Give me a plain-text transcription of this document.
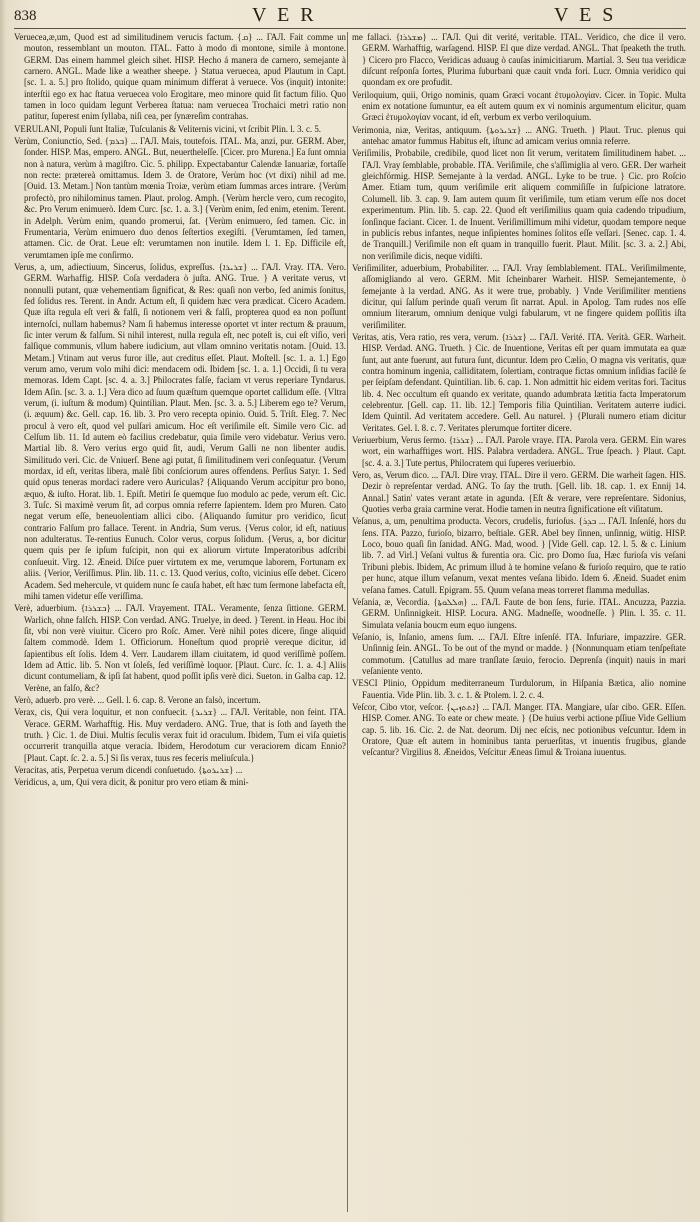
838	V E R	V E S

Veruecea,æ,um, Quod est ad similitudinem verucis factum. {ܩ} ... ГАЛ. Fait comme un mouton, ressemblant un mouton. ITAL. Fatto à modo di montone, simile à montone. GERM. Das einem hammel gleich sihet. HISP. Hecho á manera de carnero, semejante à carnero. ANGL. Made like a weather sheepe. } Statua veruecea, apud Plautum in Capt. [sc. 1. a. 5.] pro ſtolido, quique quam minimum differat à veruece. Vos (inquit) intonite: interſtii ego ex hac ſtatua veruecea volo Erogitare, meo minore quid ſit factum filio. Quo tamen in loco quidam legunt Verberea ſtatua: nam veruecea Trochaici metri ratio non patitur, ſuperest enim ſyllaba, niſi cea, per ſynæreſim contrahas.

VERULANI, Populi ſunt Italiæ, Tuſculanis & Veliternis vicini, vt ſcribit Plin. l. 3. c. 5.

Verùm, Coniunctio, Sed. {ܒܪܡ} ... ГАЛ. Mais, toutefois. ITAL. Ma, anzi, pur. GERM. Aber, ſonder. HISP. Mas, empero. ANGL. But, neuertheleſſe. [Cicer. pro Murena.] Ea ſunt omnia non à natura, verùm à magiſtro. Cic. 5. philipp. Expectabantur Calendæ Ianuariæ, fortaſſe non recte: prætereà omittamus. Idem 3. de Oratore, Verùm hoc (vt dixi) nihil ad me. [Ouid. 13. Metam.] Non tantùm mœnia Troiæ, verùm etiam ſummas arces intrare. {Verùm profectò, pro nihilominus tamen. Plaut. prolog. Amph. {Verùm hercle vero, cum recogito, &c. Pro Verum enimuerò. Idem Curc. [sc. 1. a. 3.] {Verùm enim, ſed enim, etenim. Terent. in Adelph. Verùm enim, quando promerui, ſat. {Verùm enimuero, ſed tamen. Cic. in Frumentaria, Verùm enimuero duo denos ſeſtertios exegiſti. {Verumtamen, ſed tamen, attamen. Cic. de Orat. Leue eſt: verumtamen non inutile. Idem l. 1. Ep. Difficile eſt, verumtamen ipſe me conſirmo.

Verus, a, um, adiectiuum, Sincerus, ſolidus, expreſſus. {ܫܪܝܪܐ} ... ГАЛ. Vray. ITA. Vero. GERM. Warhaffig. HISP. Coſa verdadera ò juſta. ANG. True. } A veritate verus, vt nonnulli putant, quæ vehementiam ſignificat, & Res: quaſi non verbo, ſed animis ſonitus, ſed ſolidus res. Terent. in Andr. Actum eſt, ſi quidem hæc vera prædicat. Cicero Academ. Quæ iſta regula eſt veri & falſi, ſi notionem veri & falſi, propterea quod ea non poſſunt internoſci, nullam habemus? Nam ſi habemus interesse oportet vt inter rectum & prauum, ſic inter verum & falſum. Si nihil interest, nulla regula eſt, nec poteſt is, cui eſt viſio, veri falſique communis, vllum habere iudicium, aut vllam omnino veritatis notam. [Ouid. 13. Metam.] Vtinam aut verus furor ille, aut creditus eſſet. Plaut. Moſtell. [sc. 1. a. 1.] Ego verum amo, verum volo mihi dici: mendacem odi. Ibidem [sc. 1. a. 1.] Occidi, ſi tu vera memoras. Idem Capt. [sc. 4. a. 3.] Philocrates falſe, faciam vt verus reperiare Tyndarus. Idem Aſin. [sc. 3. a. 1.] Vera dico ad ſuum quæſtum quemque oportet callidum eſſe. {Vltra verum, (i. iuſtum & modum) Quintilian. Plaut. Men. [sc. 3. a. 5.] Liberem ego te? Verum, (i. æquum) &c. Gell. cap. 16. lib. 3. Pro vero recepta opinio. Ouid. 5. Triſt. Eleg. 7. Nec procul à vero eſt, quod vel pulſari amicum. Hoc eſt veriſimile eſt. Simile vero Cic. ad Celſum lib. 11. Id autem eò facilius credebatur, quia ſimile vero videbatur. Verius vero. Martial lib. 8. Vero verius ergo quid ſit, audi, Verum Galli ne non libenter audis. Similitudo veri. Cic. de Vniuerſ. Bene agi putat, ſi ſimilitudinem veri conſequatur. {Verum mordax, id eſt, veritas libera, malè ſibi conſciorum aures offendens. Perſius Satyr. 1. Sed quid opus teneras mordaci radere vero Auriculas? {Aliquando Verum accipitur pro bono, æquo, & iuſto. Horat. lib. 1. Epiſt. Metiri ſe quemque ſuo modulo ac pede, verum eſt. Cic. 3. Tuſc. Si maximè verum ſit, ad corpus omnia referre ſapientem. Idem pro Muren. Cato negat verum eſſe, beneuolentiam allici cibo. {Aliquando ſumitur pro veridico, ſicut contrario Falſum pro fallace. Terent. in Andria, Sum verus. {Verus color, id eſt, natiuus non adulteratus. Te-rentius Eunuch. Color verus, corpus ſolidum. {Verus, a, bor dicitur quem quis per ſe ipſum fuſcipit, non qui ex aliorum virtute Imperatoribus adſcribi conſueuit. Virg. 12. Æneid. Diſce puer virtutem ex me, verumque laborem, Fortunam ex aliis. {Verior, Veriſſimus. Plin. lib. 11. c. 13. Quod verius, coſto, vicinius eſſe debet. Cicero Academ. Sed mehercule, vt quidem nunc ſe cauſa habet, eſt hæc tum ſermone labefacta eſt, mihi tamen videtur eſſe veriſſima.

Verè, aduerbium. {ܒܫܪܪܐ} ... ГАЛ. Vrayement. ITAL. Veramente, ſenza ſittione. GERM. Warlich, ohne falſch. HISP. Con verdad. ANG. Truelye, in deed. } Terent. in Heau. Hoc ibi ſit, vbi non verè viuitur. Cicero pro Roſc. Amer. Verè nihil potes dicere, ſinge aliquid ſaltem commodè. Idem 1. Officiorum. Honeſtum quod propriè vereque dicitur, id ſapientibus eſt ſolis. Idem 4. Verr. Laudarem illam ciuitatem, id quod veriſſimè poſſem. Idem ad Attic. lib. 5. Non vt ſoleſs, ſed veriſſimè loquor. [Plaut. Curc. ſc. 1. a. 4.] Aliis dicunt contumeliam, & ipſi ſat habent, quod poſſit ipſis verè dici. Sueton. in Galba cap. 12. Verène, an falſo, &c?

Verò, aduerb. pro verè. ... Gell. l. 6. cap. 8. Verone an falsò, incertum.

Verax, cis, Qui vera loquitur, et non confuecit. {ܫܪܝܪ} ... ГАЛ. Veritable, non feint. ITA. Verace. GERM. Warhafftig. His. Muy verdadero. ANG. True, that is ſoth and ſayeth the truth. } Cic. 1. de Diui. Multis ſeculis verax fuit id oraculum. Ibidem, Tum ei viſa quietis occurrerit tranquilla atque veracia. Ibidem, Herodotum cur veraciorem dicam Ennio? [Plaut. Capt. ſc. 2. a. 5.] Si ſis verax, tuus res feceris meliuſcula.}

Veracitas, atis, Perpetua verum dicendi conſuetudo. {ܫܪܝܪܘܬܐ} ...

Veridicus, a, um, Qui vera dicit, & ponitur pro vero etiam & mini-

me fallaci. {ܡܫܪܪܐ} ... ГАЛ. Qui dit verité, veritable. ITAL. Veridico, che dice il vero. GERM. Warhafftig, warſagend. HISP. El que dize verdad. ANGL. That ſpeaketh the truth. } Cicero pro Flacco, Veridicas aduaug ò cauſas inimicitiarum. Martial. 3. Seu tua veridicæ diſcunt reſponſa ſortes, Plurima ſuburbani quæ cauit vnda fori. Lucr. Omnia veridico qui quondam ex ore profudit.

Veriloquium, quii, Origo nominis, quam Græci vocant ἐτυμολογίαν. Cicer. in Topic. Multa enim ex notatione ſumuntur, ea eſt autem quum ex vi nominis argumentum elicitur, quam Græci ἐτυμολογίαν vocant, id eſt, verbum ex verbo veriloquium.

Verimonia, niæ, Veritas, antiquum. {ܫܪܝܪܘܬܐ} ... ANG. Trueth. } Plaut. Truc. plenus qui antehac amator fummus Habitus eſt, iſtunc ad amicam verius omnia referre.

Veriſimilis, Probabile, credibile, quod licet non ſit verum, veritatem ſimilitudinem habet. ... ГАЛ. Vray ſemblable, probable. ITA. Veriſimile, che s'aſſimiglia al vero. GER. Der warheit gleichförmig. HISP. Semejante à la verdad. ANGL. Lyke to be true. } Cic. pro Roſcio Amer. Etiam tum, quum veriſimile erit aliquem commiſiſſe in ſuſpicione latratore. Columell. lib. 3. cap. 9. Iam autem quum ſit veriſimile, tum etiam verum eſſe nos docet experimentum. Plin. lib. 5. cap. 22. Quod eſt veriſimilius quam quia cadendo tripudium, ſonſinque faciant. Cicer. 1. de Inuent. Veriſimillimum mihi videtur, quodam tempore neque in publicis rebus infantes, neque inſipientes homines ſolitos eſſe veſſari. [Senec. cap. 1. 4. de Tranquill.] Veriſimile non eſt quam in tranquillo fuerit. Plaut. Milit. [sc. 3. a. 2.] Abi, non veriſimile dicis, neque vidiſti.

Veriſimiliter, aduerbium, Probabiliter. ... ГАЛ. Vray ſemblablement. ITAL. Veriſimilmente, aſſomigliando al vero. GERM. Mit ſcheinbarer Warheit. HISP. Semejantemente, ò ſemejante à la verdad. ANG. As it were true, probably. } Vnde Veriſimiliter mentiens dicitur, qui ſalſum perinde quaſi verum ſit narrat. Apul. in Apolog. Tam rudes nos eſſe omnium literarum, omnium denique vulgi fabularum, vt ne fingere quidem poſſitis iſta veriſimiliter.

Veritas, atis, Vera ratio, res vera, verum. {ܫܪܪܐ} ... ГАЛ. Verité. ITA. Verità. GER. Warheit. HISP. Verdad. ANG. Trueth. } Cic. de Inuentione, Veritas eſt per quam immutata ea quæ ſunt, aut ante fuerunt, aut futura ſunt, dicuntur. Idem pro Cælio, O magna vis veritatis, quæ contra hominum ingenia, calliditatem, ſolertiam, contraque fictas omnium inſidias facilè ſe per ſeipſam defendant. Quintilian. lib. 6. cap. 1. Non admittit hic eidem veritas fori. Tacitus lib. 4. Nec occultum eſt quando ex veritate, quando adumbrata lætitia facta Imperatorum celebrentur. [Gell. cap. 11. lib. 12.] Temporis filia Quintilian. Veritatem auterre iudici. Idem Quintil. Ad veritatem accedere. Gell. Au naturel. } {Plurali numero etiam dicitur Veritates. Gel. l. 8. c. 7. Veritates plerumque fortiter dicere.

Veriuerbium, Verus ſermo. {ܫܪܪܐ} ... ГАЛ. Parole vraye. ITA. Parola vera. GERM. Ein wares wort, ein warhafftiges wort. HIS. Palabra verdadera. ANGL. True ſpeach. } Plaut. Capt. [sc. 4. a. 3.] Tute pertus, Philocratem qui ſuperes veriuerbio.

Vero, as, Verum dico. ... ГАЛ. Dire vray. ITAL. Dire il vero. GERM. Die warheit ſagen. HIS. Dezir ò repreſentar verdad. ANG. To ſay the truth. [Gell. lib. 18. cap. 1. ex Ennij 14. Annal.] Satin' vates verant ætate in agunda. {Eſt & verare, vere repreſentare. Sidonius, Quoties verba graia carmine verat. Hodie tamen in neutra ſignificatione eſt viſitatum.

Veſanus, a, um, penultima producta. Vecors, crudelis, furioſus. {ܒܕܪ ... ГАЛ. Inſenſé, hors du ſens. ITA. Pazzo, furioſo, bizarro, beſtiale. GER. Abel bey ſinnen, unſinnig, wütig. HISP. Loco, bouo quaſi ſin ſanidad. ANG. Mad, wood. } [Vide Gell. cap. 12. l. 5. & c. Linium lib. 7. ad Virl.] Veſani vultus & furentia ora. Cic. pro Domo ſua, Hæc furioſa vis veſani Tribuni plebis. Ibidem, Ac primum illud à te homine veſano & furioſo requiro, que te ratio per hunc, atque illum veſanum, vexat mentes veſana libido. Idem 6. Æneid. Suadet enim veſana fames. Catull. Epigram. 55. Quum veſana meas torreret flamma medullas.

Veſania, æ, Vecordia. {ܗܠܠܘܬܐ} ... ГАЛ. Faute de bon ſens, furie. ITAL. Ancuzza, Pazzia. GERM. Unſinnigkeit. HISP. Locura. ANG. Madneſſe, woodneſſe. } Plin. l. 35. c. 11. Simulata veſania boucm eum equo iungens.

Veſanio, is, Inſanio, amens ſum. ... ГАЛ. Eſtre inſenſé. ITA. Infuriare, impazzire. GER. Unſinnig ſein. ANGL. To be out of the mynd or madde. } {Nonnunquam etiam tenſpeſtate commotum. {Catullus ad mare tranſlate ſæuio, ferocio. Deprenſa (inquit) nauis in mari veſaniente vento.

VESCI Plinio, Oppidum mediterraneum Turdulorum, in Hiſpania Bætica, alio nomine Fauentia. Vide Plin. lib. 3. c. 1. & Ptolem. l. 2. c. 4.

Veſcor, Cibo vtor, veſcor. {ܐܬܬܙܝܢ} ... ГАЛ. Manger. ITA. Mangiare, uſar cibo. GER. Eſſen. HISP. Comer. ANG. To eate or chew meate. } {De huius verbi actione pſſiue Vide Gellium cap. 5. lib. 16. Cic. 2. de Nat. deorum. Dij nec eſcis, nec potionibus veſcuntur. Idem in Oratore, Quæ eſt autem in hominibus tanta peruerſitas, vt inuentis frugibus, glande veſcantur? Virgilius 8. Æneidos, Veſcitur Æneas ſimul & Troiana iuuentus.
